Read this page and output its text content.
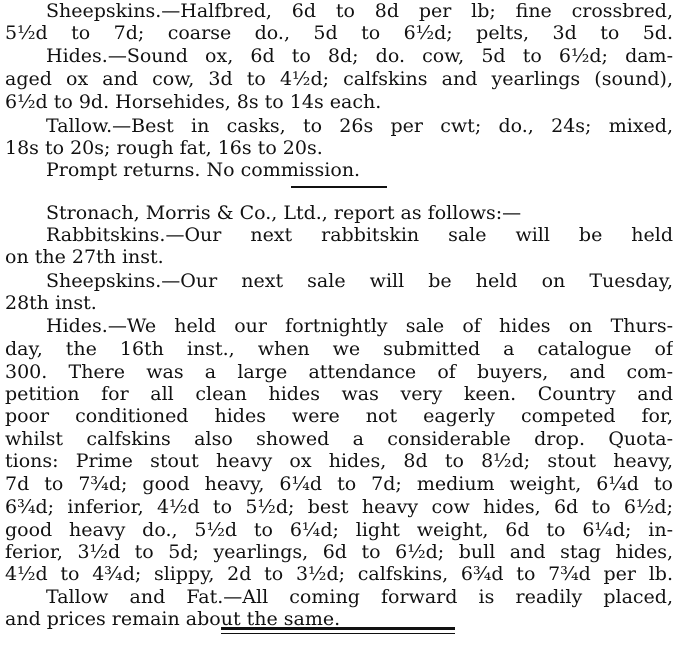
Sheepskins.—Halfbred, 6d to 8d per lb; fine crossbred,
5½d to 7d; coarse do., 5d to 6½d; pelts, 3d to 5d.
Hides.—Sound ox, 6d to 8d; do. cow, 5d to 6½d; dam-
aged ox and cow, 3d to 4½d; calfskins and yearlings (sound),
6½d to 9d. Horsehides, 8s to 14s each.
Tallow.—Best in casks, to 26s per cwt; do., 24s; mixed,
18s to 20s; rough fat, 16s to 20s.
Prompt returns. No commission.
Stronach, Morris & Co., Ltd., report as follows:—
Rabbitskins.—Our next rabbitskin sale will be held
on the 27th inst.
Sheepskins.—Our next sale will be held on Tuesday,
28th inst.
Hides.—We held our fortnightly sale of hides on Thurs-
day, the 16th inst., when we submitted a catalogue of
300. There was a large attendance of buyers, and com-
petition for all clean hides was very keen. Country and
poor conditioned hides were not eagerly competed for,
whilst calfskins also showed a considerable drop. Quota-
tions: Prime stout heavy ox hides, 8d to 8½d; stout heavy,
7d to 7¾d; good heavy, 6¼d to 7d; medium weight, 6¼d to
6¾d; inferior, 4½d to 5½d; best heavy cow hides, 6d to 6½d;
good heavy do., 5½d to 6¼d; light weight, 6d to 6¼d; in-
ferior, 3½d to 5d; yearlings, 6d to 6½d; bull and stag hides,
4½d to 4¾d; slippy, 2d to 3½d; calfskins, 6¾d to 7¾d per lb.
Tallow and Fat.—All coming forward is readily placed,
and prices remain about the same.
